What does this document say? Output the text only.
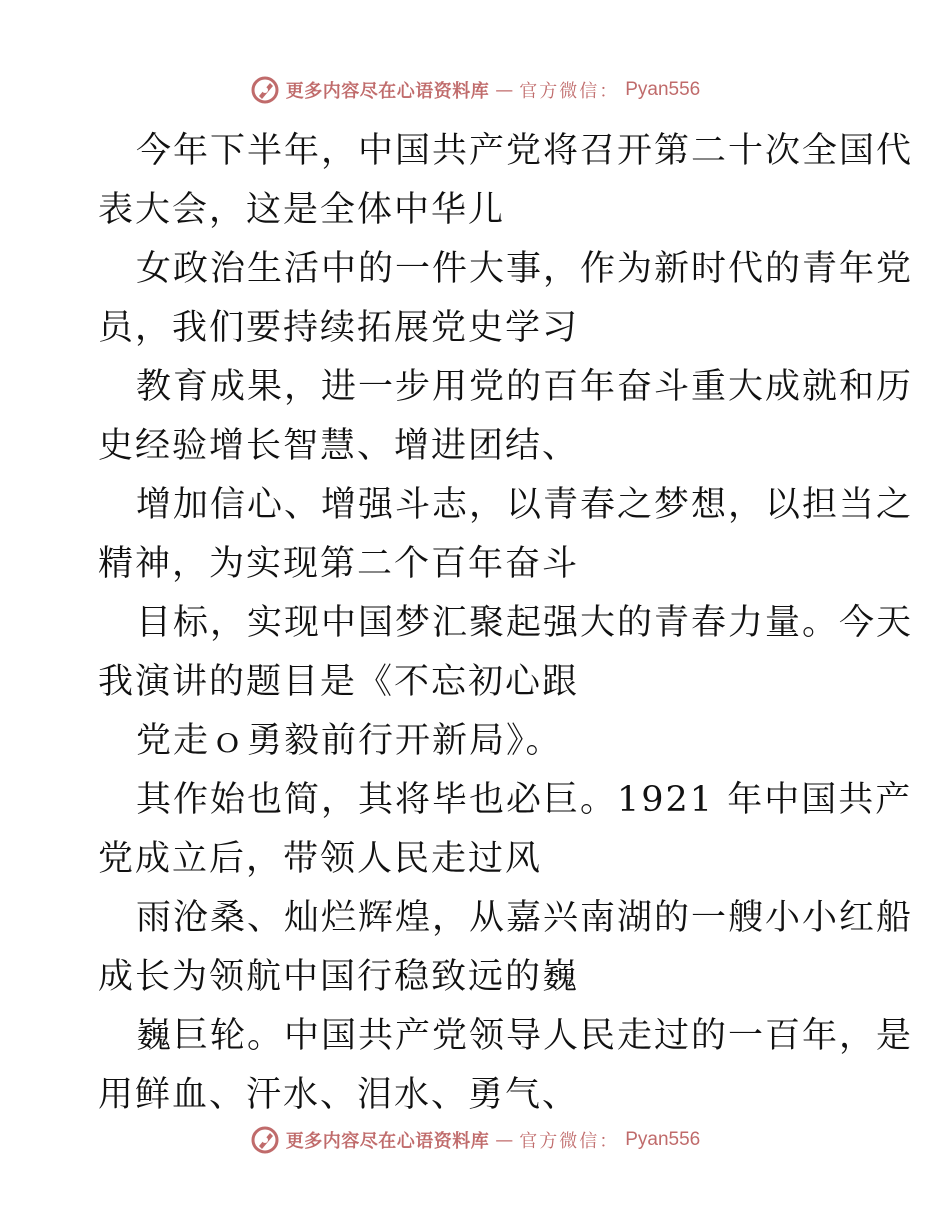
更多内容尽在心语资料库 — 官方微信： Pyan556
今年下半年，中国共产党将召开第二十次全国代
表大会，这是全体中华儿
女政治生活中的一件大事，作为新时代的青年党
员，我们要持续拓展党史学习
教育成果，进一步用党的百年奋斗重大成就和历
史经验增长智慧、增进团结、
增加信心、增强斗志，以青春之梦想，以担当之
精神，为实现第二个百年奋斗
目标，实现中国梦汇聚起强大的青春力量。今天
我演讲的题目是《不忘初心跟
党走ｏ勇毅前行开新局》。
其作始也简，其将毕也必巨。1921 年中国共产
党成立后，带领人民走过风
雨沧桑、灿烂辉煌，从嘉兴南湖的一艘小小红船
成长为领航中国行稳致远的巍
巍巨轮。中国共产党领导人民走过的一百年，是
用鲜血、汗水、泪水、勇气、
更多内容尽在心语资料库 — 官方微信： Pyan556
